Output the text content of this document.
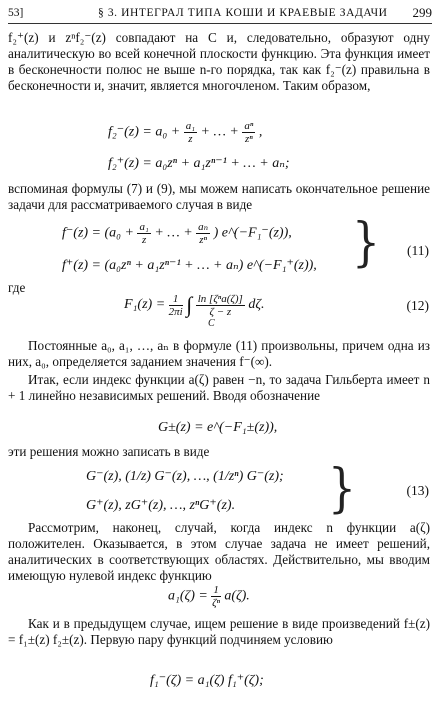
53]	§ 3. ИНТЕГРАЛ ТИПА КОШИ И КРАЕВЫЕ ЗАДАЧИ 299
f₂⁺(z) и zⁿf₂⁻(z) совпадают на C и, следовательно, образуют одну аналитическую во всей конечной плоскости функцию. Эта функция имеет в бесконечности полюс не выше n-го порядка, так как f₂⁻(z) правильна в бесконечности и, значит, является многочленом. Таким образом,
$f_2^-(z) = a_0 + \frac{\text{a₁}}{z}$ + … + $\frac{\text{aⁿ}}{\text{zⁿ}}$ ,
f₂⁺(z) = a₀zⁿ + a₁zⁿ⁻¹ + … + aₙ;
вспоминая формулы (7) и (9), мы можем написать окончательное решение задачи для рассматриваемого случая в виде
$f^-(z) = (a_0 + \frac{\text{a₁}}{z}$ + … + $\frac{\text{aₙ}}{\text{zⁿ}}$ ) e^(−F₁⁻(z)),
f⁺(z) = (a₀zⁿ + a₁zⁿ⁻¹ + … + aₙ) e^(−F₁⁺(z)), } (11)
где
$F_1(z) = \frac{1}{2\pi i}$ ∫ $\frac{\text{ln [ζⁿa(ζ)]}}{\zeta - z} d\zeta$.
C
(12)
Постоянные a₀, a₁, …, aₙ в формуле (11) произвольны, причем одна из них, a₀, определяется заданием значения f⁻(∞).
Итак, если индекс функции a(ζ) равен −n, то задача Гильберта имеет n + 1 линейно независимых решений. Вводя обозначение
G±(z) = e^(−F₁±(z)),
эти решения можно записать в виде
G⁻(z), (1/z) G⁻(z), …, (1/zⁿ) G⁻(z);
G⁺(z), zG⁺(z), …, zⁿG⁺(z). }	(13)
Рассмотрим, наконец, случай, когда индекс n функции a(ζ) положителен. Оказывается, в этом случае задача не имеет решений, аналитических в соответствующих областях. Действительно, мы вводим имеющую нулевой индекс функцию
$a_1(\zeta) = \frac{1}{\text{ζⁿ}} a(\zeta)$.
Как и в предыдущем случае, ищем решение в виде произведений f±(z) = f₁±(z) f₂±(z). Первую пару функций подчиняем условию
f₁⁻(ζ) = a₁(ζ) f₁⁺(ζ);
